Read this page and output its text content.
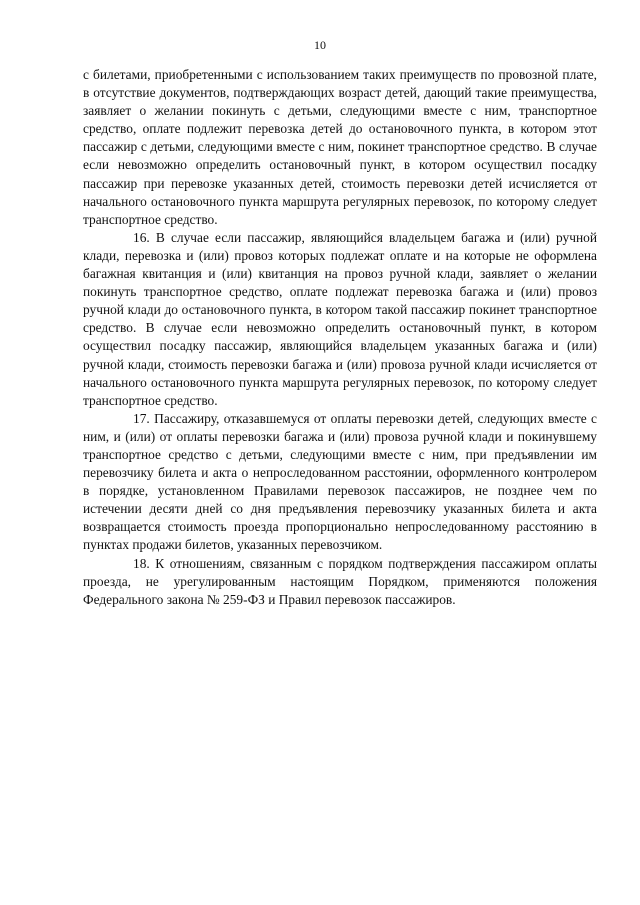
10

с билетами, приобретенными с использованием таких преимуществ по провозной плате, в отсутствие документов, подтверждающих возраст детей, дающий такие преимущества, заявляет о желании покинуть с детьми, следующими вместе с ним, транспортное средство, оплате подлежит перевозка детей до остановочного пункта, в котором этот пассажир с детьми, следующими вместе с ним, покинет транспортное средство. В случае если невозможно определить остановочный пункт, в котором осуществил посадку пассажир при перевозке указанных детей, стоимость перевозки детей исчисляется от начального остановочного пункта маршрута регулярных перевозок, по которому следует транспортное средство.

16. В случае если пассажир, являющийся владельцем багажа и (или) ручной клади, перевозка и (или) провоз которых подлежат оплате и на которые не оформлена багажная квитанция и (или) квитанция на провоз ручной клади, заявляет о желании покинуть транспортное средство, оплате подлежат перевозка багажа и (или) провоз ручной клади до остановочного пункта, в котором такой пассажир покинет транспортное средство. В случае если невозможно определить остановочный пункт, в котором осуществил посадку пассажир, являющийся владельцем указанных багажа и (или) ручной клади, стоимость перевозки багажа и (или) провоза ручной клади исчисляется от начального остановочного пункта маршрута регулярных перевозок, по которому следует транспортное средство.

17. Пассажиру, отказавшемуся от оплаты перевозки детей, следующих вместе с ним, и (или) от оплаты перевозки багажа и (или) провоза ручной клади и покинувшему транспортное средство с детьми, следующими вместе с ним, при предъявлении им перевозчику билета и акта о непроследованном расстоянии, оформленного контролером в порядке, установленном Правилами перевозок пассажиров, не позднее чем по истечении десяти дней со дня предъявления перевозчику указанных билета и акта возвращается стоимость проезда пропорционально непроследованному расстоянию в пунктах продажи билетов, указанных перевозчиком.

18. К отношениям, связанным с порядком подтверждения пассажиром оплаты проезда, не урегулированным настоящим Порядком, применяются положения Федерального закона № 259-ФЗ и Правил перевозок пассажиров.
